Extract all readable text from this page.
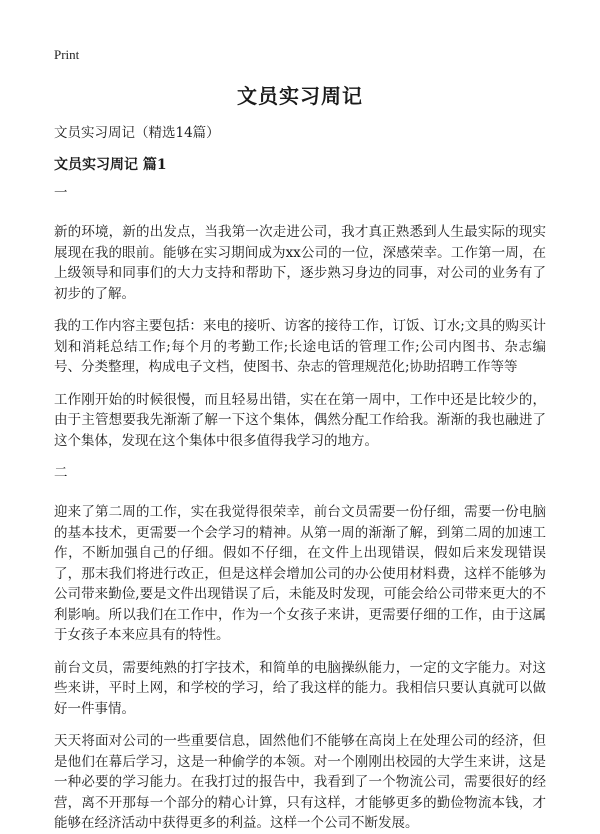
Print
文员实习周记
文员实习周记（精选14篇）
文员实习周记 篇1
一

新的环境，新的出发点，当我第一次走进公司，我才真正熟悉到人生最实际的现实展现在我的眼前。能够在实习期间成为xx公司的一位，深感荣幸。工作第一周，在上级领导和同事们的大力支持和帮助下，逐步熟习身边的同事，对公司的业务有了初步的了解。

我的工作内容主要包括：来电的接听、访客的接待工作，订饭、订水;文具的购买计划和消耗总结工作;每个月的考勤工作;长途电话的管理工作;公司内图书、杂志编号、分类整理，构成电子文档，使图书、杂志的管理规范化;协助招聘工作等等

工作刚开始的时候很慢，而且轻易出错，实在在第一周中，工作中还是比较少的，由于主管想要我先渐渐了解一下这个集体，偶然分配工作给我。渐渐的我也融进了这个集体，发现在这个集体中很多值得我学习的地方。

二

迎来了第二周的工作，实在我觉得很荣幸，前台文员需要一份仔细，需要一份电脑的基本技术，更需要一个会学习的精神。从第一周的渐渐了解，到第二周的加速工作，不断加强自己的仔细。假如不仔细，在文件上出现错误，假如后来发现错误了，那末我们将进行改正，但是这样会增加公司的办公使用材料费，这样不能够为公司带来勤俭,要是文件出现错误了后，未能及时发现，可能会给公司带来更大的不利影响。所以我们在工作中，作为一个女孩子来讲，更需要仔细的工作，由于这属于女孩子本来应具有的特性。

前台文员，需要纯熟的打字技术，和简单的电脑操纵能力，一定的文字能力。对这些来讲，平时上网，和学校的学习，给了我这样的能力。我相信只要认真就可以做好一件事情。

天天将面对公司的一些重要信息，固然他们不能够在高岗上在处理公司的经济，但是他们在幕后学习，这是一种偷学的本领。对一个刚刚出校园的大学生来讲，这是一种必要的学习能力。在我打过的报告中，我看到了一个物流公司，需要很好的经营，离不开那每一个部分的精心计算，只有这样，才能够更多的勤俭物流本钱，才能够在经济活动中获得更多的利益。这样一个公司不断发展。
